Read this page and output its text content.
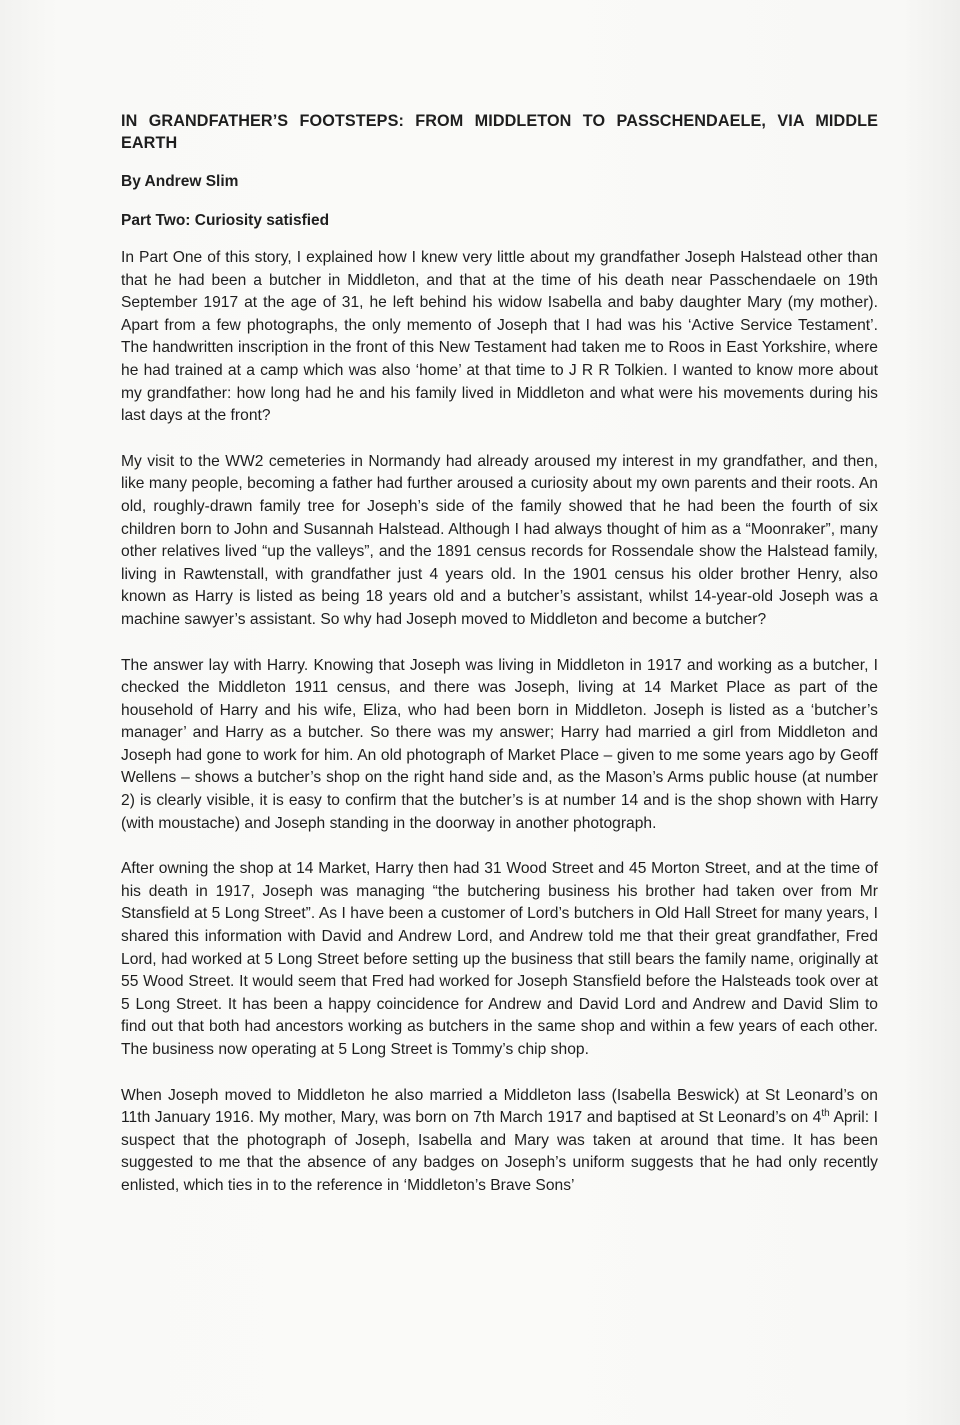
IN GRANDFATHER’S FOOTSTEPS: FROM MIDDLETON TO PASSCHENDAELE, VIA MIDDLE EARTH
By Andrew Slim
Part Two: Curiosity satisfied

In Part One of this story, I explained how I knew very little about my grandfather Joseph Halstead other than that he had been a butcher in Middleton, and that at the time of his death near Passchendaele on 19th September 1917 at the age of 31, he left behind his widow Isabella and baby daughter Mary (my mother). Apart from a few photographs, the only memento of Joseph that I had was his ‘Active Service Testament’. The handwritten inscription in the front of this New Testament had taken me to Roos in East Yorkshire, where he had trained at a camp which was also ‘home’ at that time to J R R Tolkien. I wanted to know more about my grandfather: how long had he and his family lived in Middleton and what were his movements during his last days at the front?

My visit to the WW2 cemeteries in Normandy had already aroused my interest in my grandfather, and then, like many people, becoming a father had further aroused a curiosity about my own parents and their roots. An old, roughly-drawn family tree for Joseph’s side of the family showed that he had been the fourth of six children born to John and Susannah Halstead. Although I had always thought of him as a “Moonraker”, many other relatives lived “up the valleys”, and the 1891 census records for Rossendale show the Halstead family, living in Rawtenstall, with grandfather just 4 years old. In the 1901 census his older brother Henry, also known as Harry is listed as being 18 years old and a butcher’s assistant, whilst 14-year-old Joseph was a machine sawyer’s assistant. So why had Joseph moved to Middleton and become a butcher?

The answer lay with Harry. Knowing that Joseph was living in Middleton in 1917 and working as a butcher, I checked the Middleton 1911 census, and there was Joseph, living at 14 Market Place as part of the household of Harry and his wife, Eliza, who had been born in Middleton. Joseph is listed as a ‘butcher’s manager’ and Harry as a butcher. So there was my answer; Harry had married a girl from Middleton and Joseph had gone to work for him. An old photograph of Market Place – given to me some years ago by Geoff Wellens – shows a butcher’s shop on the right hand side and, as the Mason’s Arms public house (at number 2) is clearly visible, it is easy to confirm that the butcher’s is at number 14 and is the shop shown with Harry (with moustache) and Joseph standing in the doorway in another photograph.

After owning the shop at 14 Market, Harry then had 31 Wood Street and 45 Morton Street, and at the time of his death in 1917, Joseph was managing “the butchering business his brother had taken over from Mr Stansfield at 5 Long Street”. As I have been a customer of Lord’s butchers in Old Hall Street for many years, I shared this information with David and Andrew Lord, and Andrew told me that their great grandfather, Fred Lord, had worked at 5 Long Street before setting up the business that still bears the family name, originally at 55 Wood Street. It would seem that Fred had worked for Joseph Stansfield before the Halsteads took over at 5 Long Street. It has been a happy coincidence for Andrew and David Lord and Andrew and David Slim to find out that both had ancestors working as butchers in the same shop and within a few years of each other. The business now operating at 5 Long Street is Tommy’s chip shop.

When Joseph moved to Middleton he also married a Middleton lass (Isabella Beswick) at St Leonard’s on 11th January 1916. My mother, Mary, was born on 7th March 1917 and baptised at St Leonard’s on 4th April: I suspect that the photograph of Joseph, Isabella and Mary was taken at around that time. It has been suggested to me that the absence of any badges on Joseph’s uniform suggests that he had only recently enlisted, which ties in to the reference in ‘Middleton’s Brave Sons’
